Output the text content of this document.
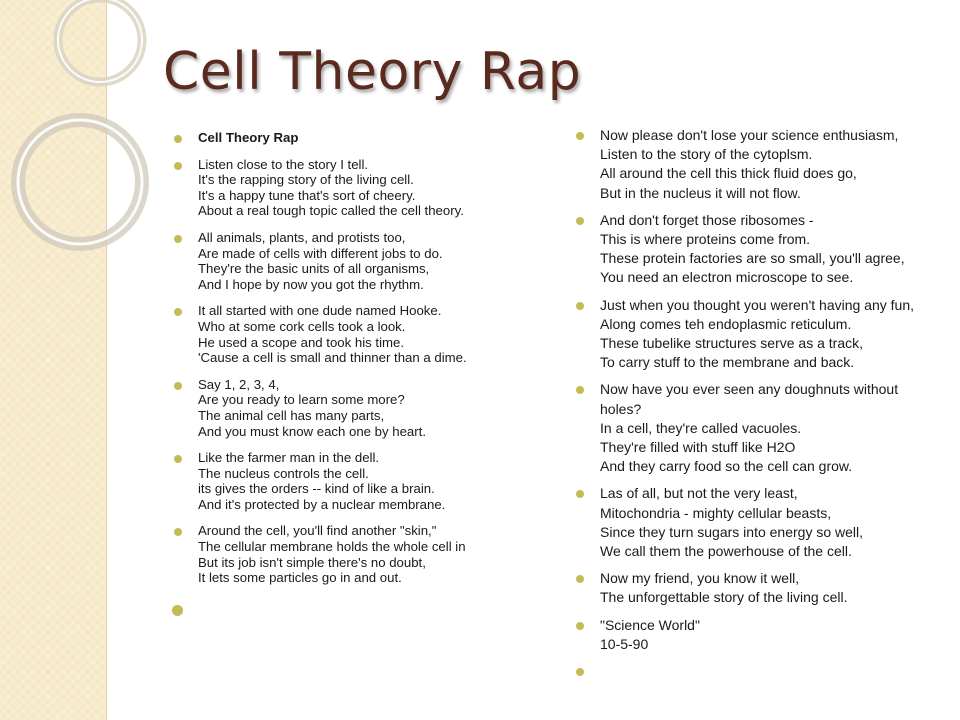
Cell Theory Rap
Cell Theory Rap
Listen close to the story I tell.
It's the rapping story of the living cell.
It's a happy tune that's sort of cheery.
About a real tough topic called the cell theory.
All animals, plants, and protists too,
Are made of cells with different jobs to do.
They're the basic units of all organisms,
And I hope by now you got the rhythm.
It all started with one dude named Hooke.
Who at some cork cells took a look.
He used a scope and took his time.
'Cause a cell is small and thinner than a dime.
Say 1, 2, 3, 4,
Are you ready to learn some more?
The animal cell has many parts,
And you must know each one by heart.
Like the farmer man in the dell.
The nucleus controls the cell.
its gives the orders -- kind of like a brain.
And it's protected by a nuclear membrane.
Around the cell, you'll find another "skin,"
The cellular membrane holds the whole cell in
But its job isn't simple there's no doubt,
It lets some particles go in and out.
Now please don't lose your science enthusiasm,
Listen to the story of the cytoplsm.
All around the cell this thick fluid does go,
But in the nucleus it will not flow.
And don't forget those ribosomes -
This is where proteins come from.
These protein factories are so small, you'll agree,
You need an electron microscope to see.
Just when you thought you weren't having any fun,
Along comes teh endoplasmic reticulum.
These tubelike structures serve as a track,
To carry stuff to the membrane and back.
Now have you ever seen any doughnuts without
holes?
In a cell, they're called vacuoles.
They're filled with stuff like H2O
And they carry food so the cell can grow.
Las of all, but not the very least,
Mitochondria - mighty cellular beasts,
Since they turn sugars into energy so well,
We call them the powerhouse of the cell.
Now my friend, you know it well,
The unforgettable story of the living cell.
"Science World"
10-5-90
